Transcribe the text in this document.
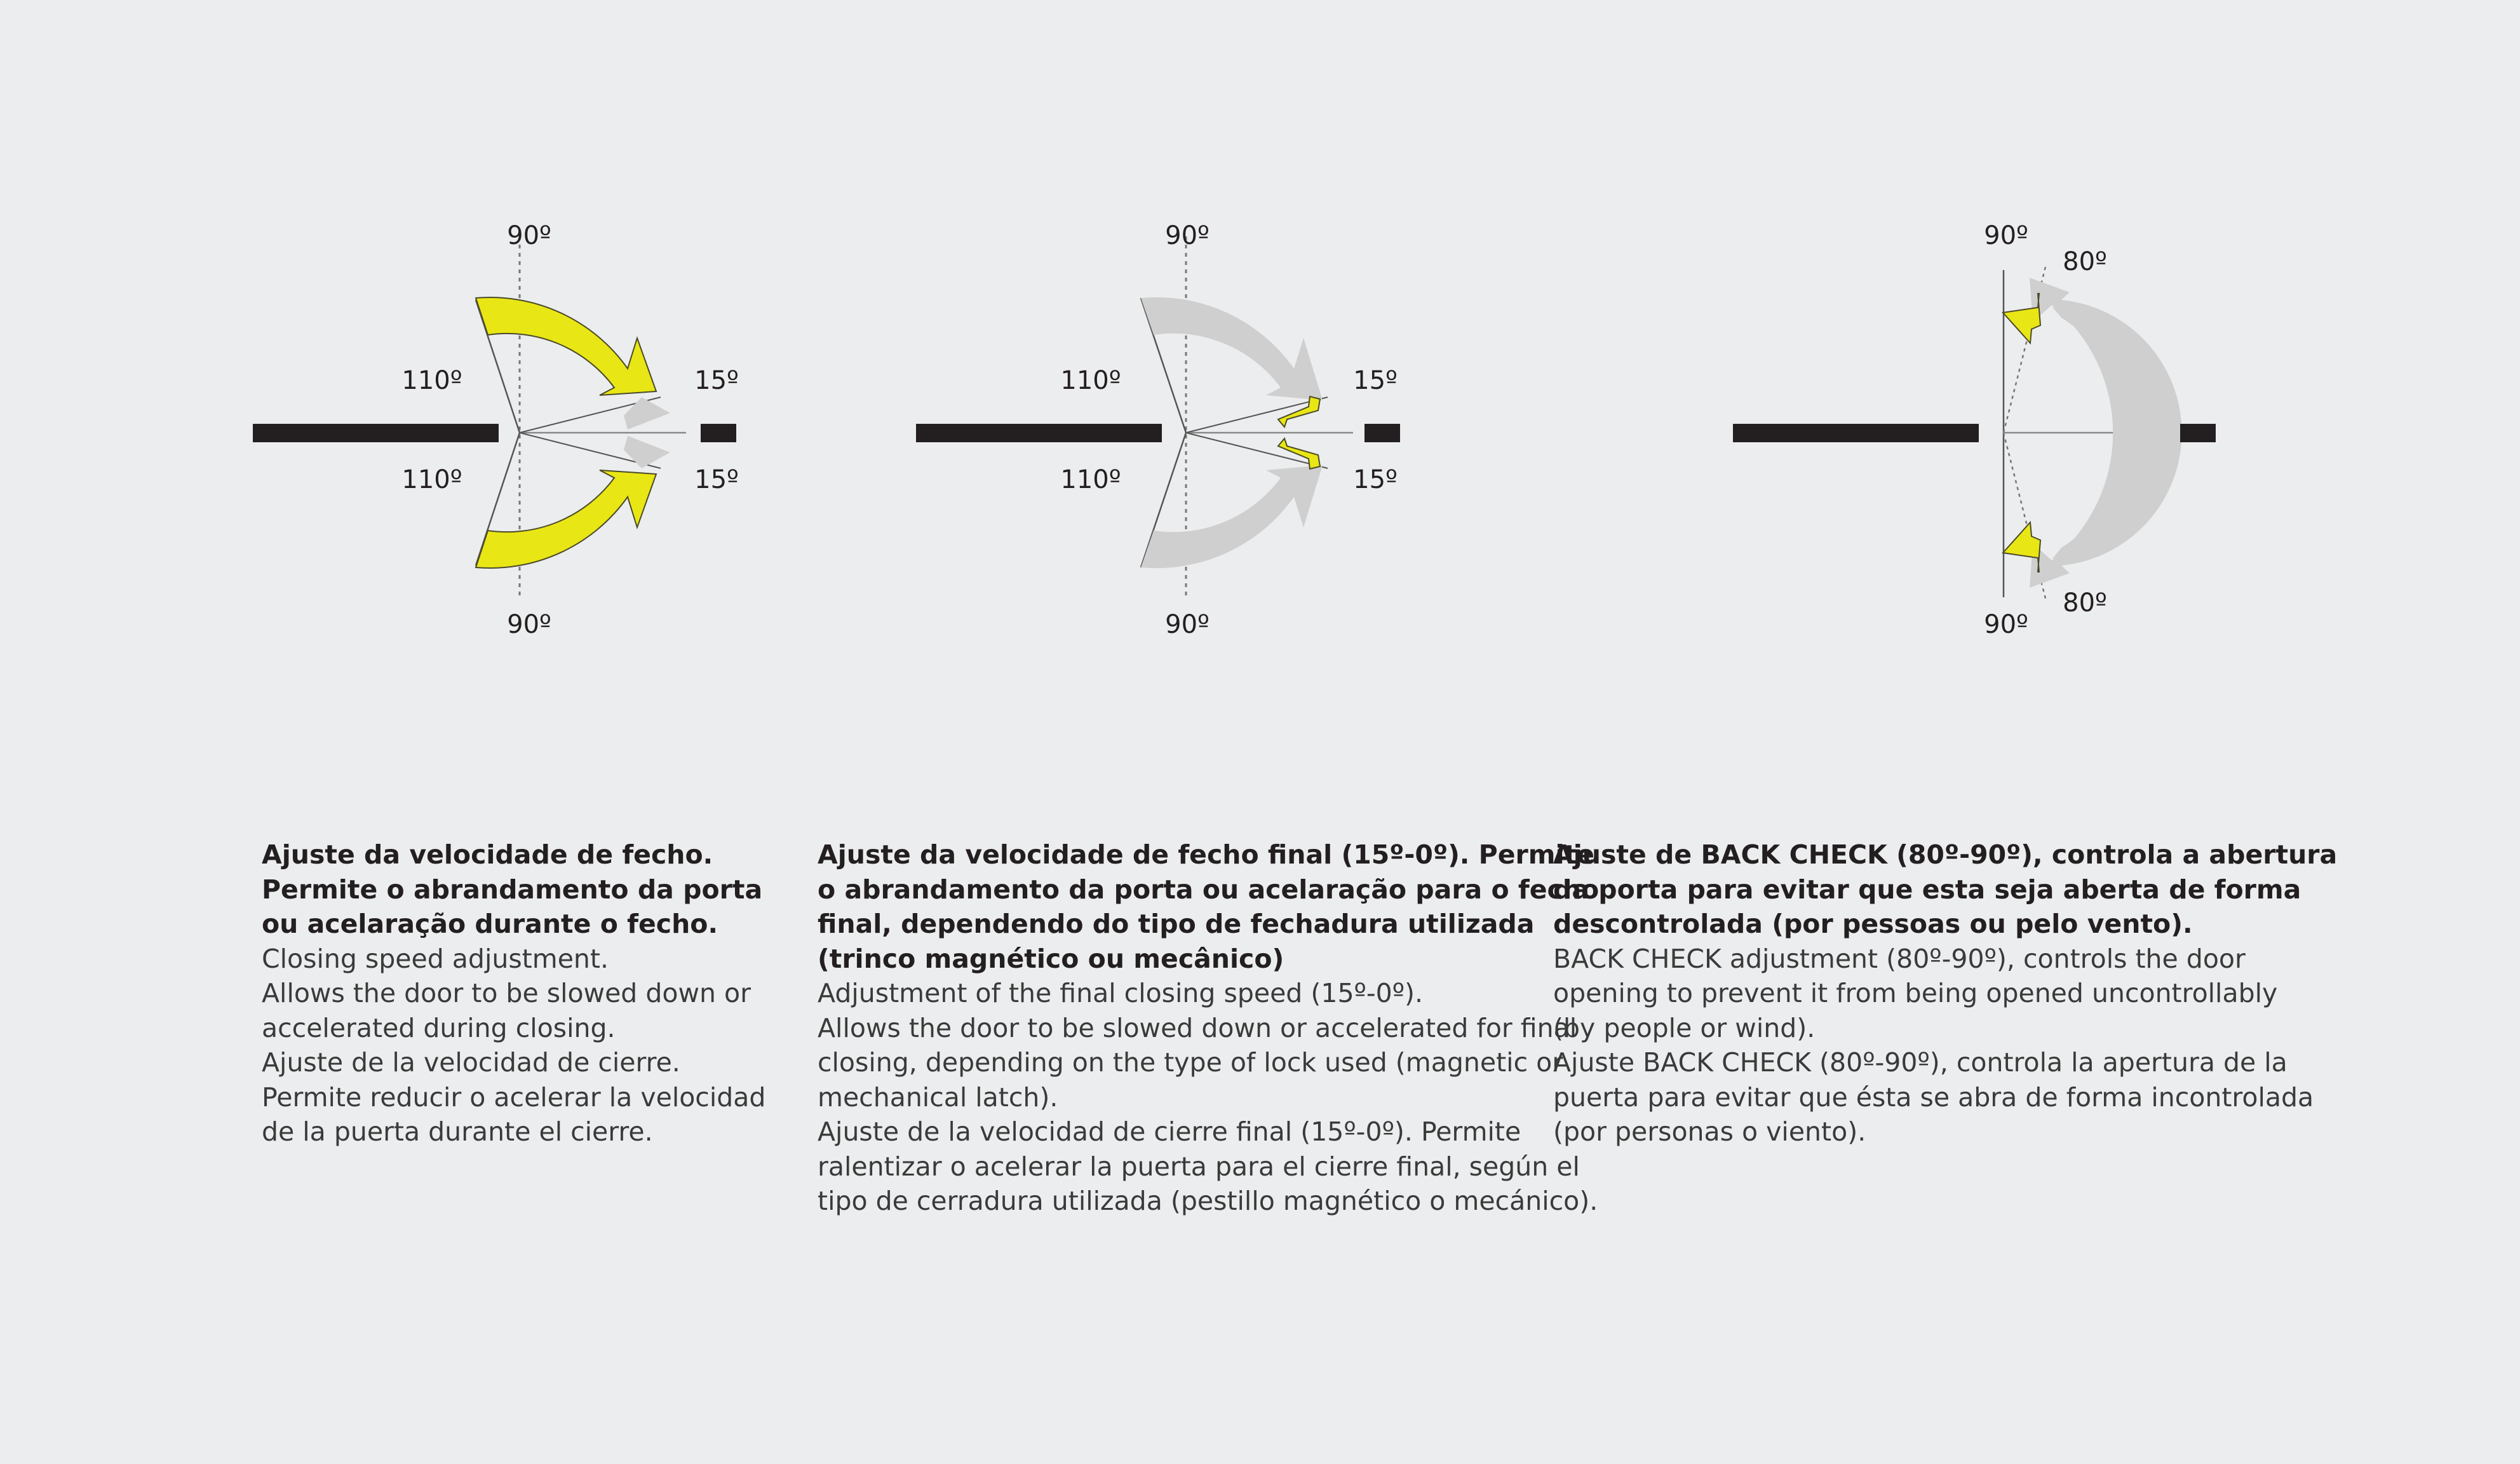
90º
90º
110º
110º
15º
15º
90º
90º
110º
110º
15º
15º
90º
90º
80º
80º
Ajuste da velocidade de fecho.
Permite o abrandamento da porta
ou acelaração durante o fecho.
Closing speed adjustment.
Allows the door to be slowed down or
accelerated during closing.
Ajuste de la velocidad de cierre.
Permite reducir o acelerar la velocidad
de la puerta durante el cierre.
Ajuste da velocidade de fecho final (15º-0º). Permite
o abrandamento da porta ou acelaração para o fecho
final, dependendo do tipo de fechadura utilizada
(trinco magnético ou mecânico)
Adjustment of the final closing speed (15º-0º).
Allows the door to be slowed down or accelerated for final
closing, depending on the type of lock used (magnetic or
mechanical latch).
Ajuste de la velocidad de cierre final (15º-0º). Permite
ralentizar o acelerar la puerta para el cierre final, según el
tipo de cerradura utilizada (pestillo magnético o mecánico).
Ajuste de BACK CHECK (80º-90º), controla a abertura
da porta para evitar que esta seja aberta de forma
descontrolada (por pessoas ou pelo vento).
BACK CHECK adjustment (80º-90º), controls the door
opening to prevent it from being opened uncontrollably
(by people or wind).
Ajuste BACK CHECK (80º-90º), controla la apertura de la
puerta para evitar que ésta se abra de forma incontrolada
(por personas o viento).
